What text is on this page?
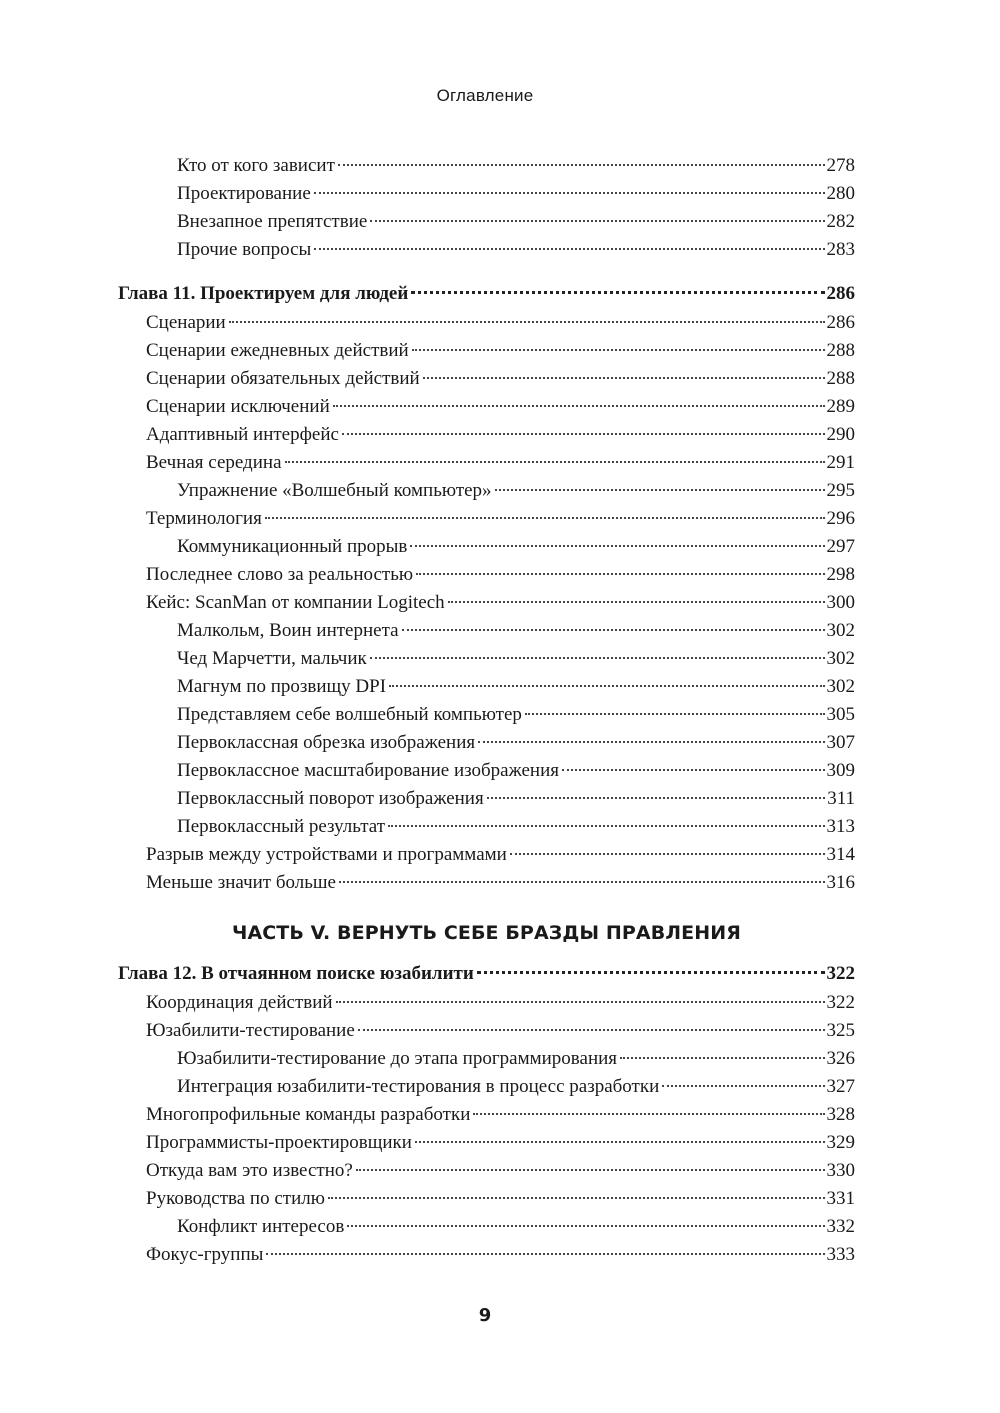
Оглавление
Кто от кого зависит	278
Проектирование	280
Внезапное препятствие	282
Прочие вопросы	283
Глава 11. Проектируем для людей	286
Сценарии	286
Сценарии ежедневных действий	288
Сценарии обязательных действий	288
Сценарии исключений	289
Адаптивный интерфейс	290
Вечная середина	291
Упражнение «Волшебный компьютер»	295
Терминология	296
Коммуникационный прорыв	297
Последнее слово за реальностью	298
Кейс: ScanMan от компании Logitech	300
Малкольм, Воин интернета	302
Чед Марчетти, мальчик	302
Магнум по прозвищу DPI	302
Представляем себе волшебный компьютер	305
Первоклассная обрезка изображения	307
Первоклассное масштабирование изображения	309
Первоклассный поворот изображения	311
Первоклассный результат	313
Разрыв между устройствами и программами	314
Меньше значит больше	316
ЧАСТЬ V. ВЕРНУТЬ СЕБЕ БРАЗДЫ ПРАВЛЕНИЯ
Глава 12. В отчаянном поиске юзабилити	322
Координация действий	322
Юзабилити-тестирование	325
Юзабилити-тестирование до этапа программирования	326
Интеграция юзабилити-тестирования в процесс разработки	327
Многопрофильные команды разработки	328
Программисты-проектировщики	329
Откуда вам это известно?	330
Руководства по стилю	331
Конфликт интересов	332
Фокус-группы	333
9
